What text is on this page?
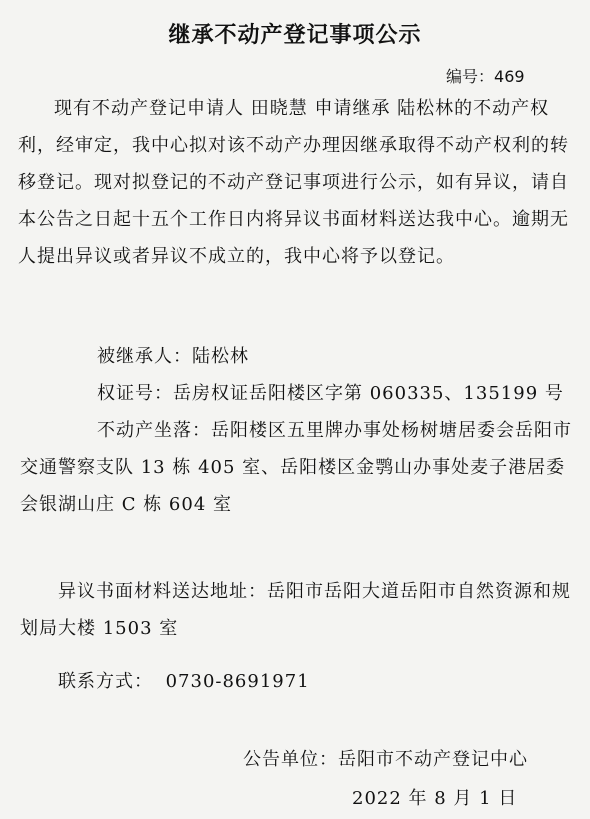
继承不动产登记事项公示
编号：469

现有不动产登记申请人 田晓慧 申请继承 陆松林的不动产权利，经审定，我中心拟对该不动产办理因继承取得不动产权利的转移登记。现对拟登记的不动产登记事项进行公示，如有异议，请自本公告之日起十五个工作日内将异议书面材料送达我中心。逾期无人提出异议或者异议不成立的，我中心将予以登记。

被继承人：陆松林
权证号：岳房权证岳阳楼区字第 060335、135199 号
不动产坐落：岳阳楼区五里牌办事处杨树塘居委会岳阳市交通警察支队 13 栋 405 室、岳阳楼区金鹗山办事处麦子港居委会银湖山庄 C 栋 604 室
异议书面材料送达地址：岳阳市岳阳大道岳阳市自然资源和规划局大楼 1503 室
联系方式： 0730-8691971
公告单位：岳阳市不动产登记中心
2022 年 8 月 1 日
